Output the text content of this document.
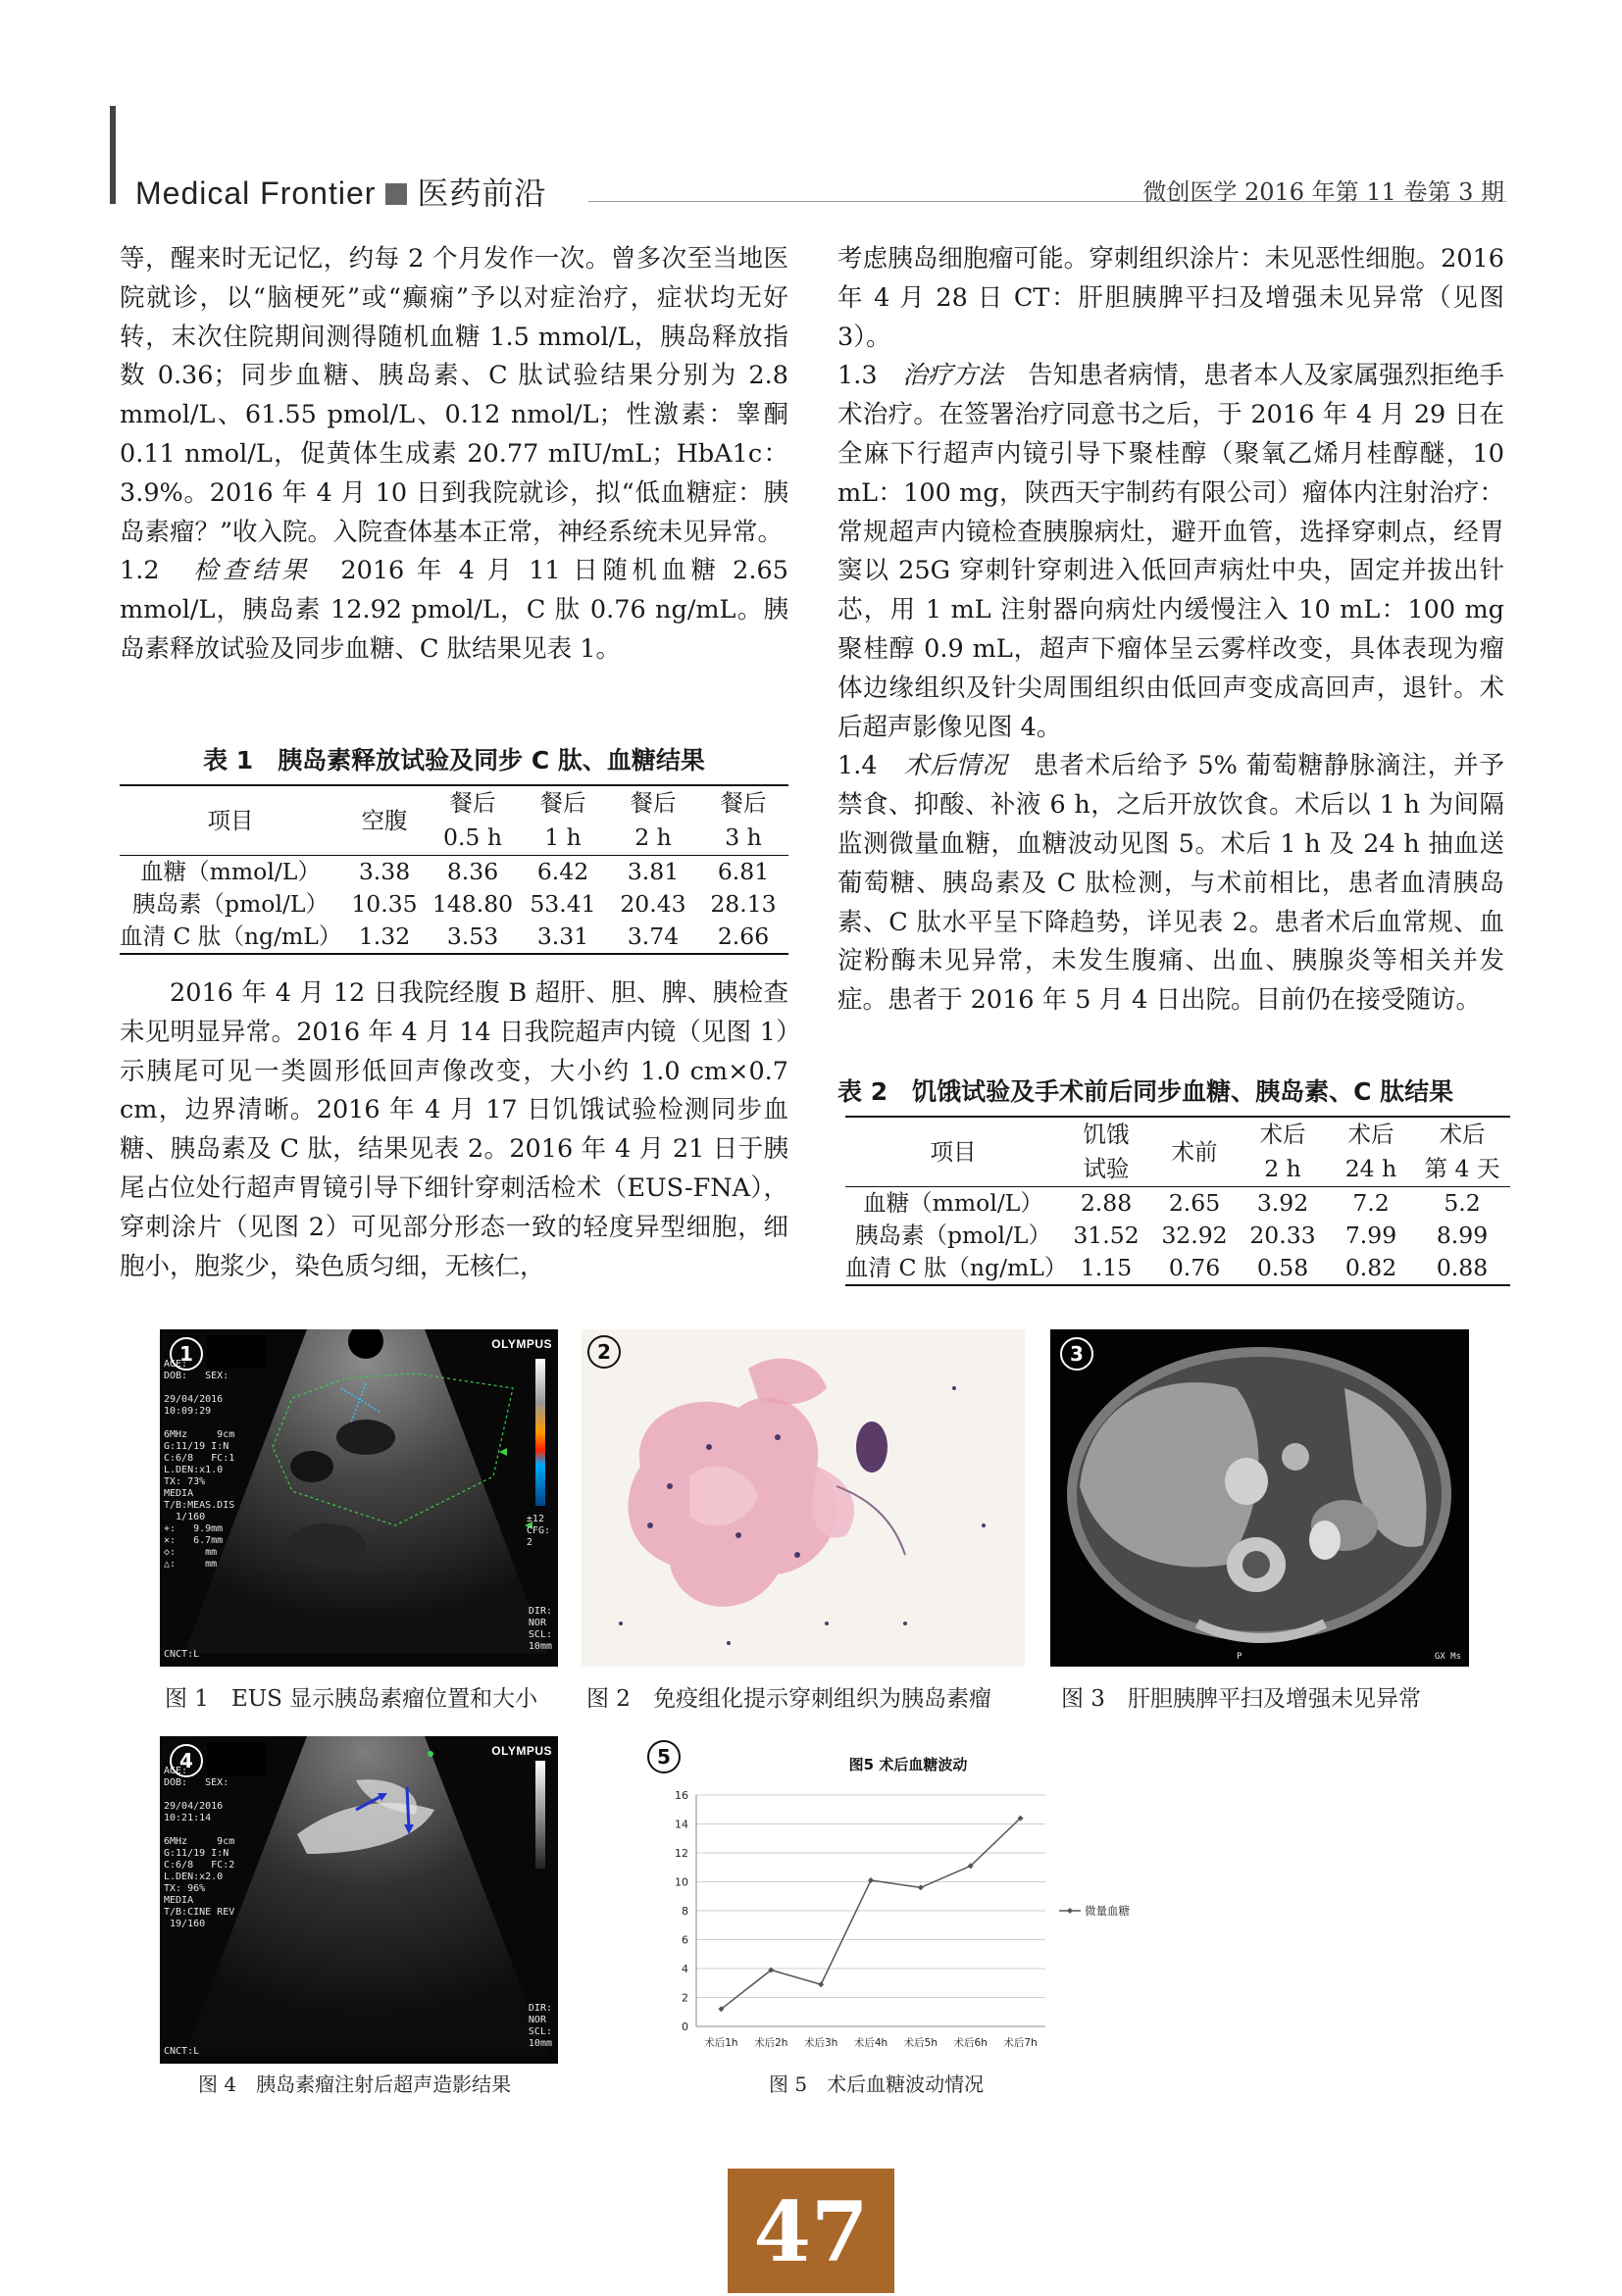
Medical Frontier 医药前沿	微创医学 2016 年第 11 卷第 3 期

等，醒来时无记忆，约每 2 个月发作一次。曾多次至当地医院就诊，以“脑梗死”或“癫痫”予以对症治疗，症状均无好转，末次住院期间测得随机血糖 1.5 mmol/L，胰岛释放指数 0.36；同步血糖、胰岛素、C 肽试验结果分别为 2.8 mmol/L、61.55 pmol/L、0.12 nmol/L；性激素：睾酮 0.11 nmol/L，促黄体生成素 20.77 mIU/mL；HbA1c：3.9%。2016 年 4 月 10 日到我院就诊，拟“低血糖症：胰岛素瘤？”收入院。入院查体基本正常，神经系统未见异常。

1.2　 检查结果　 2016 年 4 月 11 日随机血糖 2.65 mmol/L，胰岛素 12.92 pmol/L，C 肽 0.76 ng/mL。胰岛素释放试验及同步血糖、C 肽结果见表 1。

表 1　胰岛素释放试验及同步 C 肽、血糖结果
项目	空腹	餐后	餐后	餐后	餐后
		0.5 h	1 h	2 h	3 h
血糖（mmol/L）	3.38	8.36	6.42	3.81	6.81
胰岛素（pmol/L）	10.35	148.80	53.41	20.43	28.13
血清 C 肽（ng/mL）	1.32	3.53	3.31	3.74	2.66

2016 年 4 月 12 日我院经腹 B 超肝、胆、脾、胰检查未见明显异常。2016 年 4 月 14 日我院超声内镜（见图 1）示胰尾可见一类圆形低回声像改变，大小约 1.0 cm×0.7 cm，边界清晰。2016 年 4 月 17 日饥饿试验检测同步血糖、胰岛素及 C 肽，结果见表 2。2016 年 4 月 21 日于胰尾占位处行超声胃镜引导下细针穿刺活检术（EUS-FNA），穿刺涂片（见图 2）可见部分形态一致的轻度异型细胞，细胞小，胞浆少，染色质匀细，无核仁，

考虑胰岛细胞瘤可能。穿刺组织涂片：未见恶性细胞。2016 年 4 月 28 日 CT：肝胆胰脾平扫及增强未见异常（见图 3）。

1.3　 治疗方法　 告知患者病情，患者本人及家属强烈拒绝手术治疗。在签署治疗同意书之后，于 2016 年 4 月 29 日在全麻下行超声内镜引导下聚桂醇（聚氧乙烯月桂醇醚，10 mL：100 mg，陕西天宇制药有限公司）瘤体内注射治疗：常规超声内镜检查胰腺病灶，避开血管，选择穿刺点，经胃窦以 25G 穿刺针穿刺进入低回声病灶中央，固定并拔出针芯，用 1 mL 注射器向病灶内缓慢注入 10 mL：100 mg 聚桂醇 0.9 mL，超声下瘤体呈云雾样改变，具体表现为瘤体边缘组织及针尖周围组织由低回声变成高回声，退针。术后超声影像见图 4。

1.4　 术后情况　 患者术后给予 5% 葡萄糖静脉滴注，并予禁食、抑酸、补液 6 h，之后开放饮食。术后以 1 h 为间隔监测微量血糖，血糖波动见图 5。术后 1 h 及 24 h 抽血送葡萄糖、胰岛素及 C 肽检测，与术前相比，患者血清胰岛素、C 肽水平呈下降趋势，详见表 2。患者术后血常规、血淀粉酶未见异常，未发生腹痛、出血、胰腺炎等相关并发症。患者于 2016 年 5 月 4 日出院。目前仍在接受随访。

表 2　饥饿试验及手术前后同步血糖、胰岛素、C 肽结果
项目	饥饿	术前	术后	术后	术后
	试验		2 h	24 h	第 4 天
血糖（mmol/L）	2.88	2.65	3.92	7.2	5.2
胰岛素（pmol/L）	31.52	32.92	20.33	7.99	8.99
血清 C 肽（ng/mL）	1.15	0.76	0.58	0.82	0.88
1	OLYMPUS
AGE:
DOB:   SEX:

29/04/2016
10:09:29

6MHz     9cm
G:11/19 I:N
C:6/8   FC:1
L.DEN:x1.0
TX: 73%
MEDIA
T/B:MEAS.DIS
1/160
+:   9.9mm
×:   6.7mm
◇:     mm
△:     mm
±12
CFG:
2
DIR:
NOR
SCL:
10mm
CNCT:L
图 1　EUS 显示胰岛素瘤位置和大小
2
图 2　免疫组化提示穿刺组织为胰岛素瘤
3
P	GX Ms
图 3　肝胆胰脾平扫及增强未见异常
4	OLYMPUS
AGE:
DOB:   SEX:

29/04/2016
10:21:14

6MHz     9cm
G:11/19 I:N
C:6/8   FC:2
L.DEN:x2.0
TX: 96%
MEDIA
T/B:CINE REV
19/160
DIR:
NOR
SCL:
10mm
CNCT:L
图 4　胰岛素瘤注射后超声造影结果
5	图5 术后血糖波动
0
2
4
6
8
10
12
14
16
术后1h 术后2h 术后3h 术后4h 术后5h 术后6h 术后7h
微量血糖
图 5　术后血糖波动情况
47
